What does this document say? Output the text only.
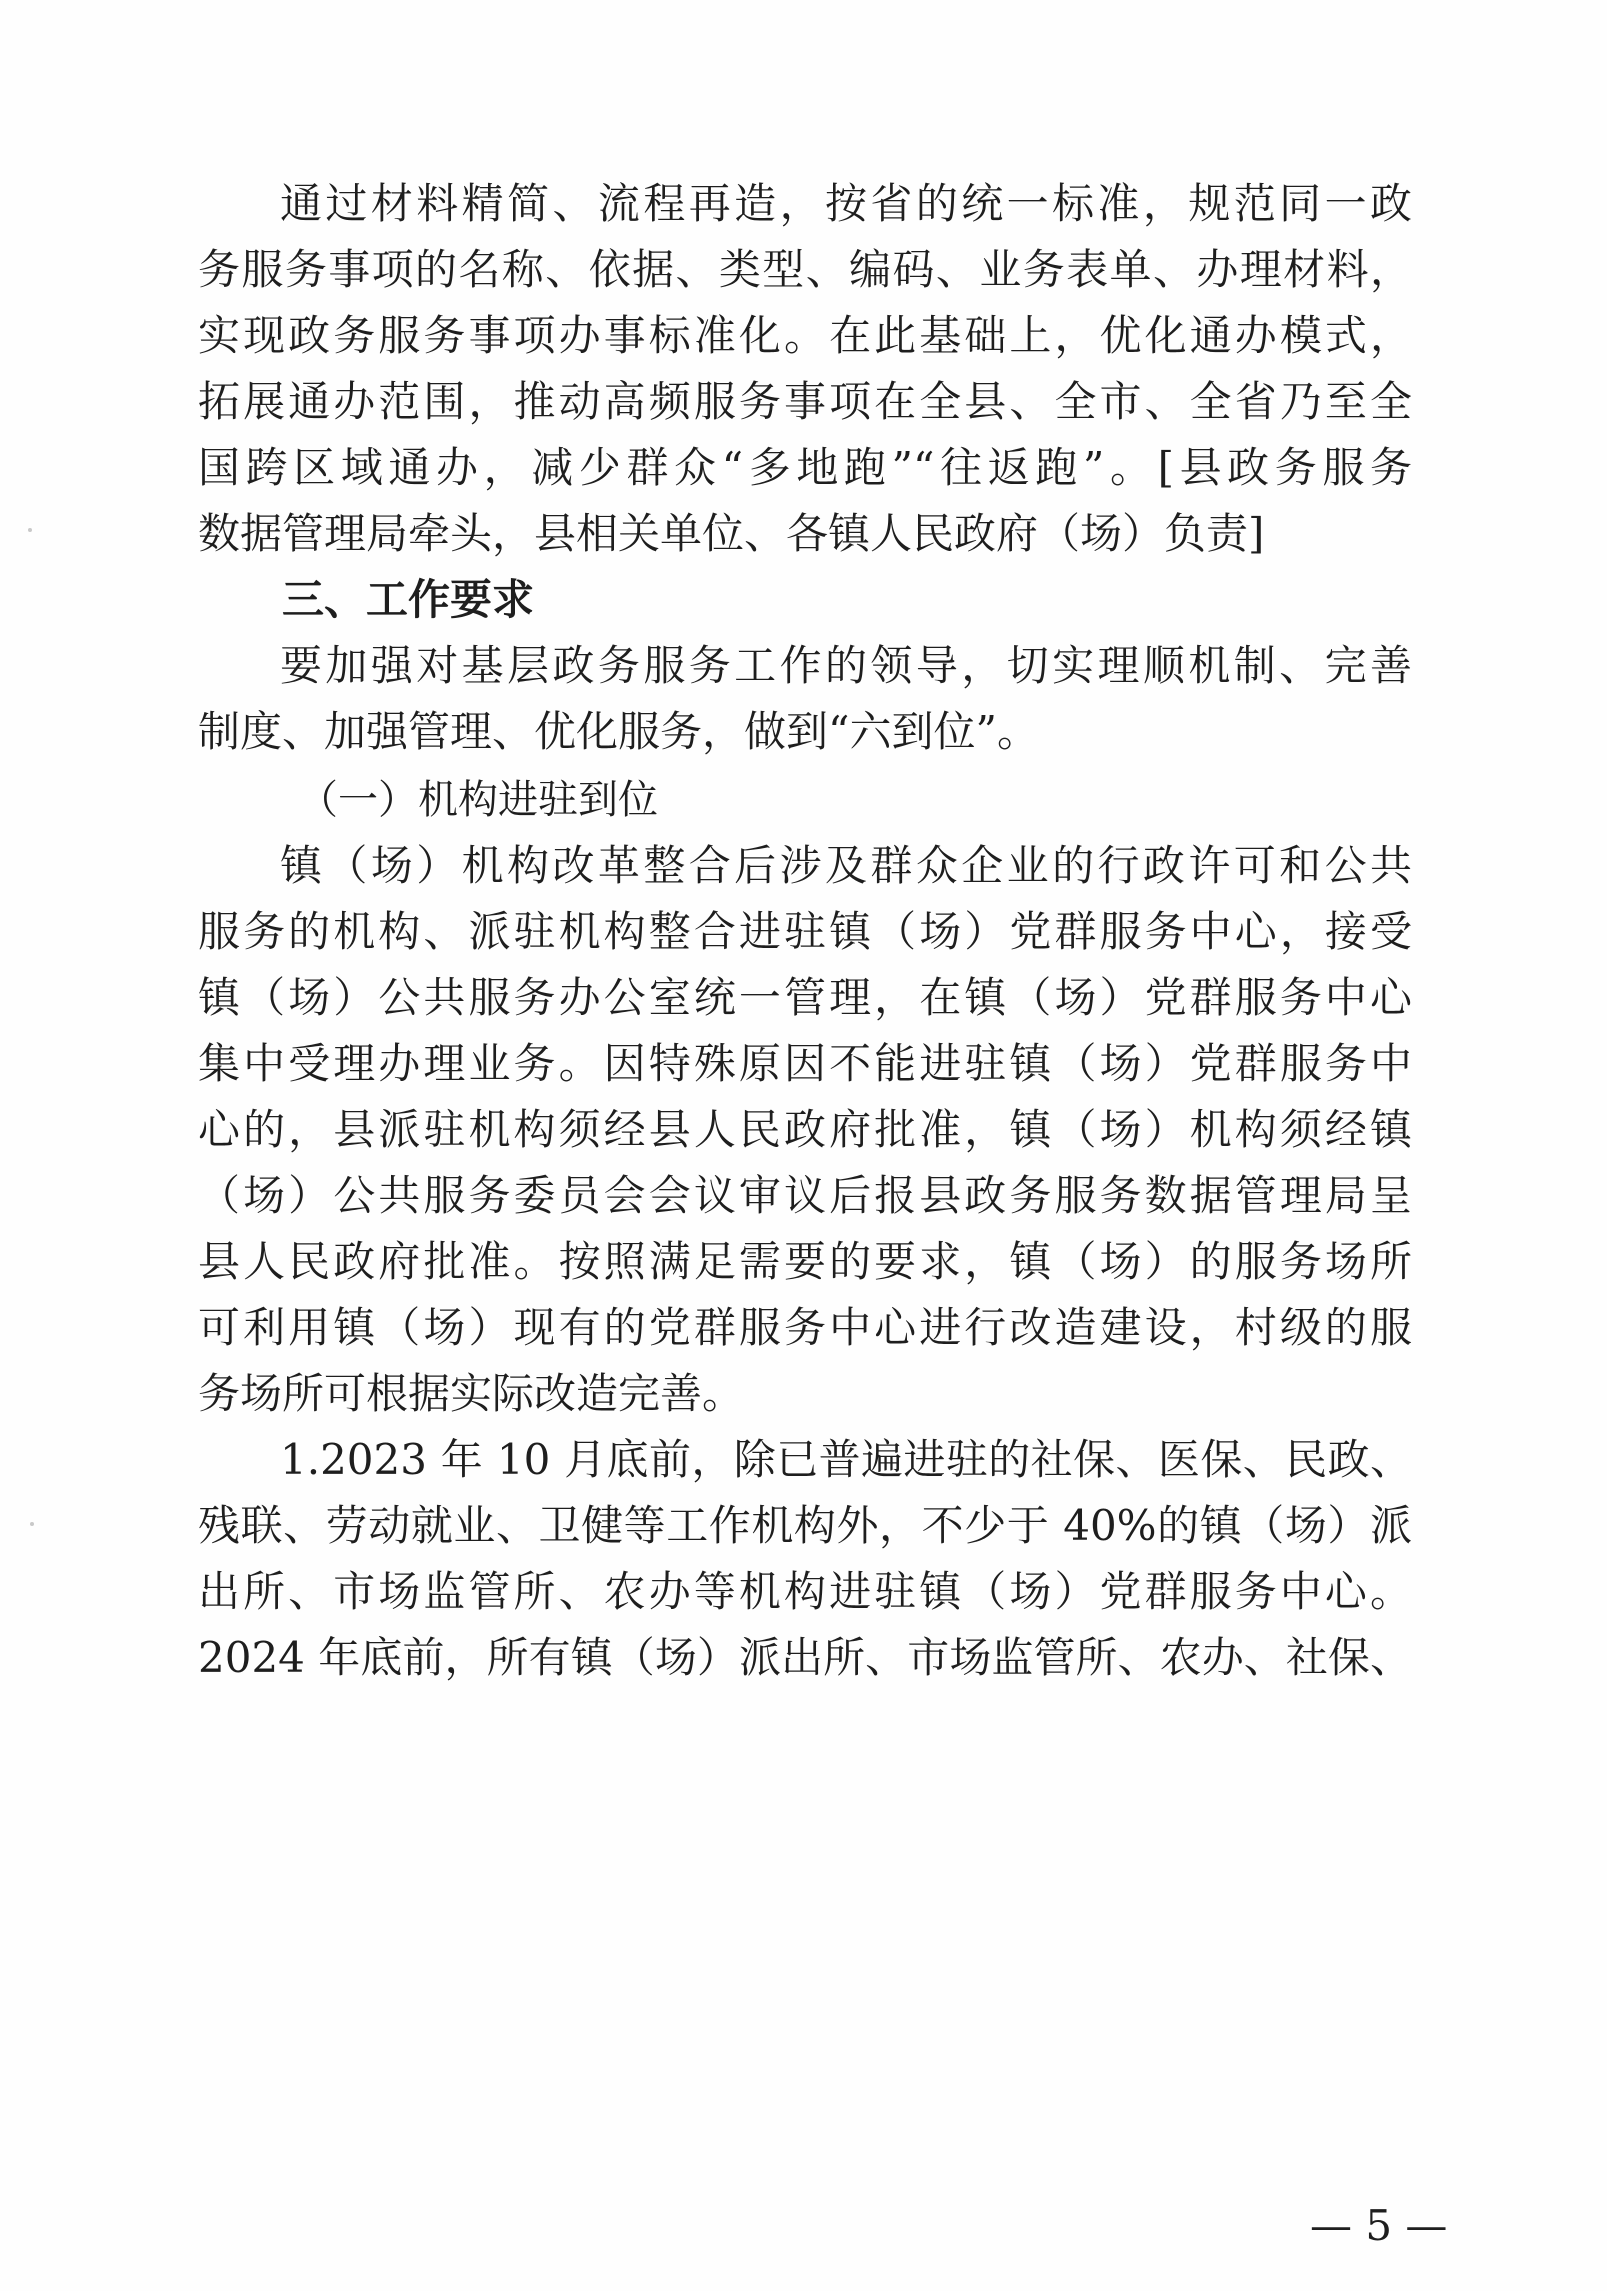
通过材料精简、流程再造，按省的统一标准，规范同一政
务服务事项的名称、依据、类型、编码、业务表单、办理材料，
实现政务服务事项办事标准化。在此基础上，优化通办模式，
拓展通办范围，推动高频服务事项在全县、全市、全省乃至全
国跨区域通办，减少群众“多地跑”“往返跑”。[县政务服务
数据管理局牵头，县相关单位、各镇人民政府（场）负责]
三、工作要求
要加强对基层政务服务工作的领导，切实理顺机制、完善
制度、加强管理、优化服务，做到“六到位”。
（一）机构进驻到位
镇（场）机构改革整合后涉及群众企业的行政许可和公共
服务的机构、派驻机构整合进驻镇（场）党群服务中心，接受
镇（场）公共服务办公室统一管理，在镇（场）党群服务中心
集中受理办理业务。因特殊原因不能进驻镇（场）党群服务中
心的，县派驻机构须经县人民政府批准，镇（场）机构须经镇
（场）公共服务委员会会议审议后报县政务服务数据管理局呈
县人民政府批准。按照满足需要的要求，镇（场）的服务场所
可利用镇（场）现有的党群服务中心进行改造建设，村级的服
务场所可根据实际改造完善。
1.2023 年 10 月底前，除已普遍进驻的社保、医保、民政、
残联、劳动就业、卫健等工作机构外，不少于 40%的镇（场）派
出所、市场监管所、农办等机构进驻镇（场）党群服务中心。
2024 年底前，所有镇（场）派出所、市场监管所、农办、社保、
— 5 —
